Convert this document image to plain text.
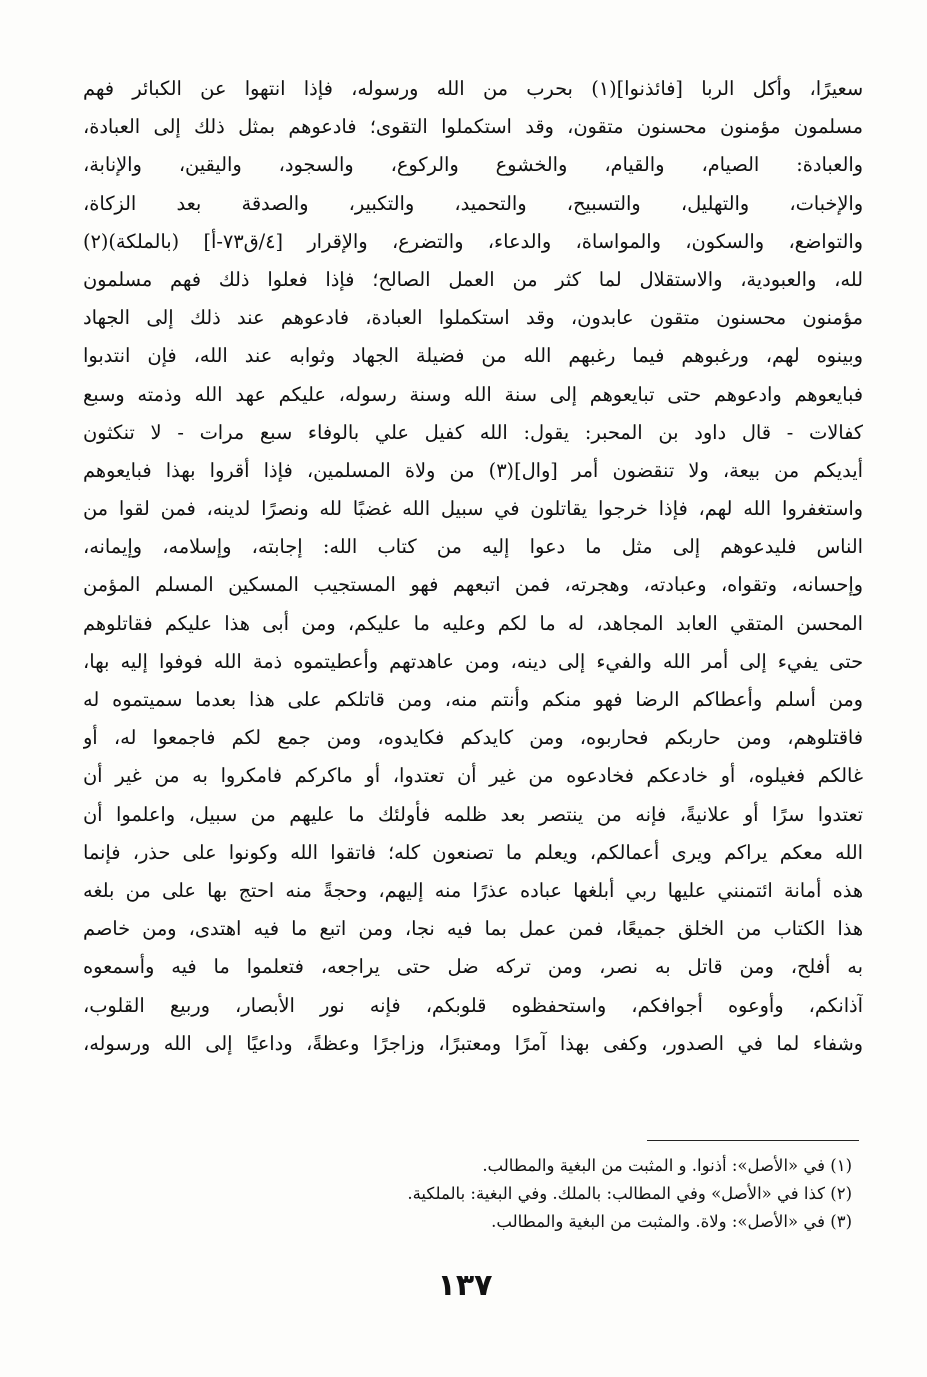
سعيرًا، وأكل الربا [فائذنوا](١) بحرب من الله ورسوله، فإذا انتهوا عن الكبائر فهم
مسلمون مؤمنون محسنون متقون، وقد استكملوا التقوى؛ فادعوهم بمثل ذلك إلى العبادة،
والعبادة: الصيام، والقيام، والخشوع والركوع، والسجود، واليقين، والإنابة،
والإخبات، والتهليل، والتسبيح، والتحميد، والتكبير، والصدقة بعد الزكاة،
والتواضع، والسكون، والمواساة، والدعاء، والتضرع، والإقرار [٤/ق٧٣-أ] (بالملكة)(٢)
لله، والعبودية، والاستقلال لما كثر من العمل الصالح؛ فإذا فعلوا ذلك فهم مسلمون
مؤمنون محسنون متقون عابدون، وقد استكملوا العبادة، فادعوهم عند ذلك إلى الجهاد
وبينوه لهم، ورغبوهم فيما رغبهم الله من فضيلة الجهاد وثوابه عند الله، فإن انتدبوا
فبايعوهم وادعوهم حتى تبايعوهم إلى سنة الله وسنة رسوله، عليكم عهد الله وذمته وسبع
كفالات - قال داود بن المحبر: يقول: الله كفيل علي بالوفاء سبع مرات - لا تنكثون
أيديكم من بيعة، ولا تنقضون أمر [وال](٣) من ولاة المسلمين، فإذا أقروا بهذا فبايعوهم
واستغفروا الله لهم، فإذا خرجوا يقاتلون في سبيل الله غضبًا لله ونصرًا لدينه، فمن لقوا من
الناس فليدعوهم إلى مثل ما دعوا إليه من كتاب الله: إجابته، وإسلامه، وإيمانه،
وإحسانه، وتقواه، وعبادته، وهجرته، فمن اتبعهم فهو المستجيب المسكين المسلم المؤمن
المحسن المتقي العابد المجاهد، له ما لكم وعليه ما عليكم، ومن أبى هذا عليكم فقاتلوهم
حتى يفيء إلى أمر الله والفيء إلى دينه، ومن عاهدتهم وأعطيتموه ذمة الله فوفوا إليه بها،
ومن أسلم وأعطاكم الرضا فهو منكم وأنتم منه، ومن قاتلكم على هذا بعدما سميتموه له
فاقتلوهم، ومن حاربكم فحاربوه، ومن كايدكم فكايدوه، ومن جمع لكم فاجمعوا له، أو
غالكم فغيلوه، أو خادعكم فخادعوه من غير أن تعتدوا، أو ماكركم فامكروا به من غير أن
تعتدوا سرًا أو علانيةً، فإنه من ينتصر بعد ظلمه فأولئك ما عليهم من سبيل، واعلموا أن
الله معكم يراكم ويرى أعمالكم، ويعلم ما تصنعون كله؛ فاتقوا الله وكونوا على حذر، فإنما
هذه أمانة ائتمنني عليها ربي أبلغها عباده عذرًا منه إليهم، وحجةً منه احتج بها على من بلغه
هذا الكتاب من الخلق جميعًا، فمن عمل بما فيه نجا، ومن اتبع ما فيه اهتدى، ومن خاصم
به أفلح، ومن قاتل به نصر، ومن تركه ضل حتى يراجعه، فتعلموا ما فيه وأسمعوه
آذانكم، وأوعوه أجوافكم، واستحفظوه قلوبكم، فإنه نور الأبصار، وربيع القلوب،
وشفاء لما في الصدور، وكفى بهذا آمرًا ومعتبرًا، وزاجرًا وعظةً، وداعيًا إلى الله ورسوله،
(١) في «الأصل»: أذنوا. و المثبت من البغية والمطالب.
(٢) كذا في «الأصل» وفي المطالب: بالملك. وفي البغية: بالملكية.
(٣) في «الأصل»: ولاة. والمثبت من البغية والمطالب.
١٣٧
